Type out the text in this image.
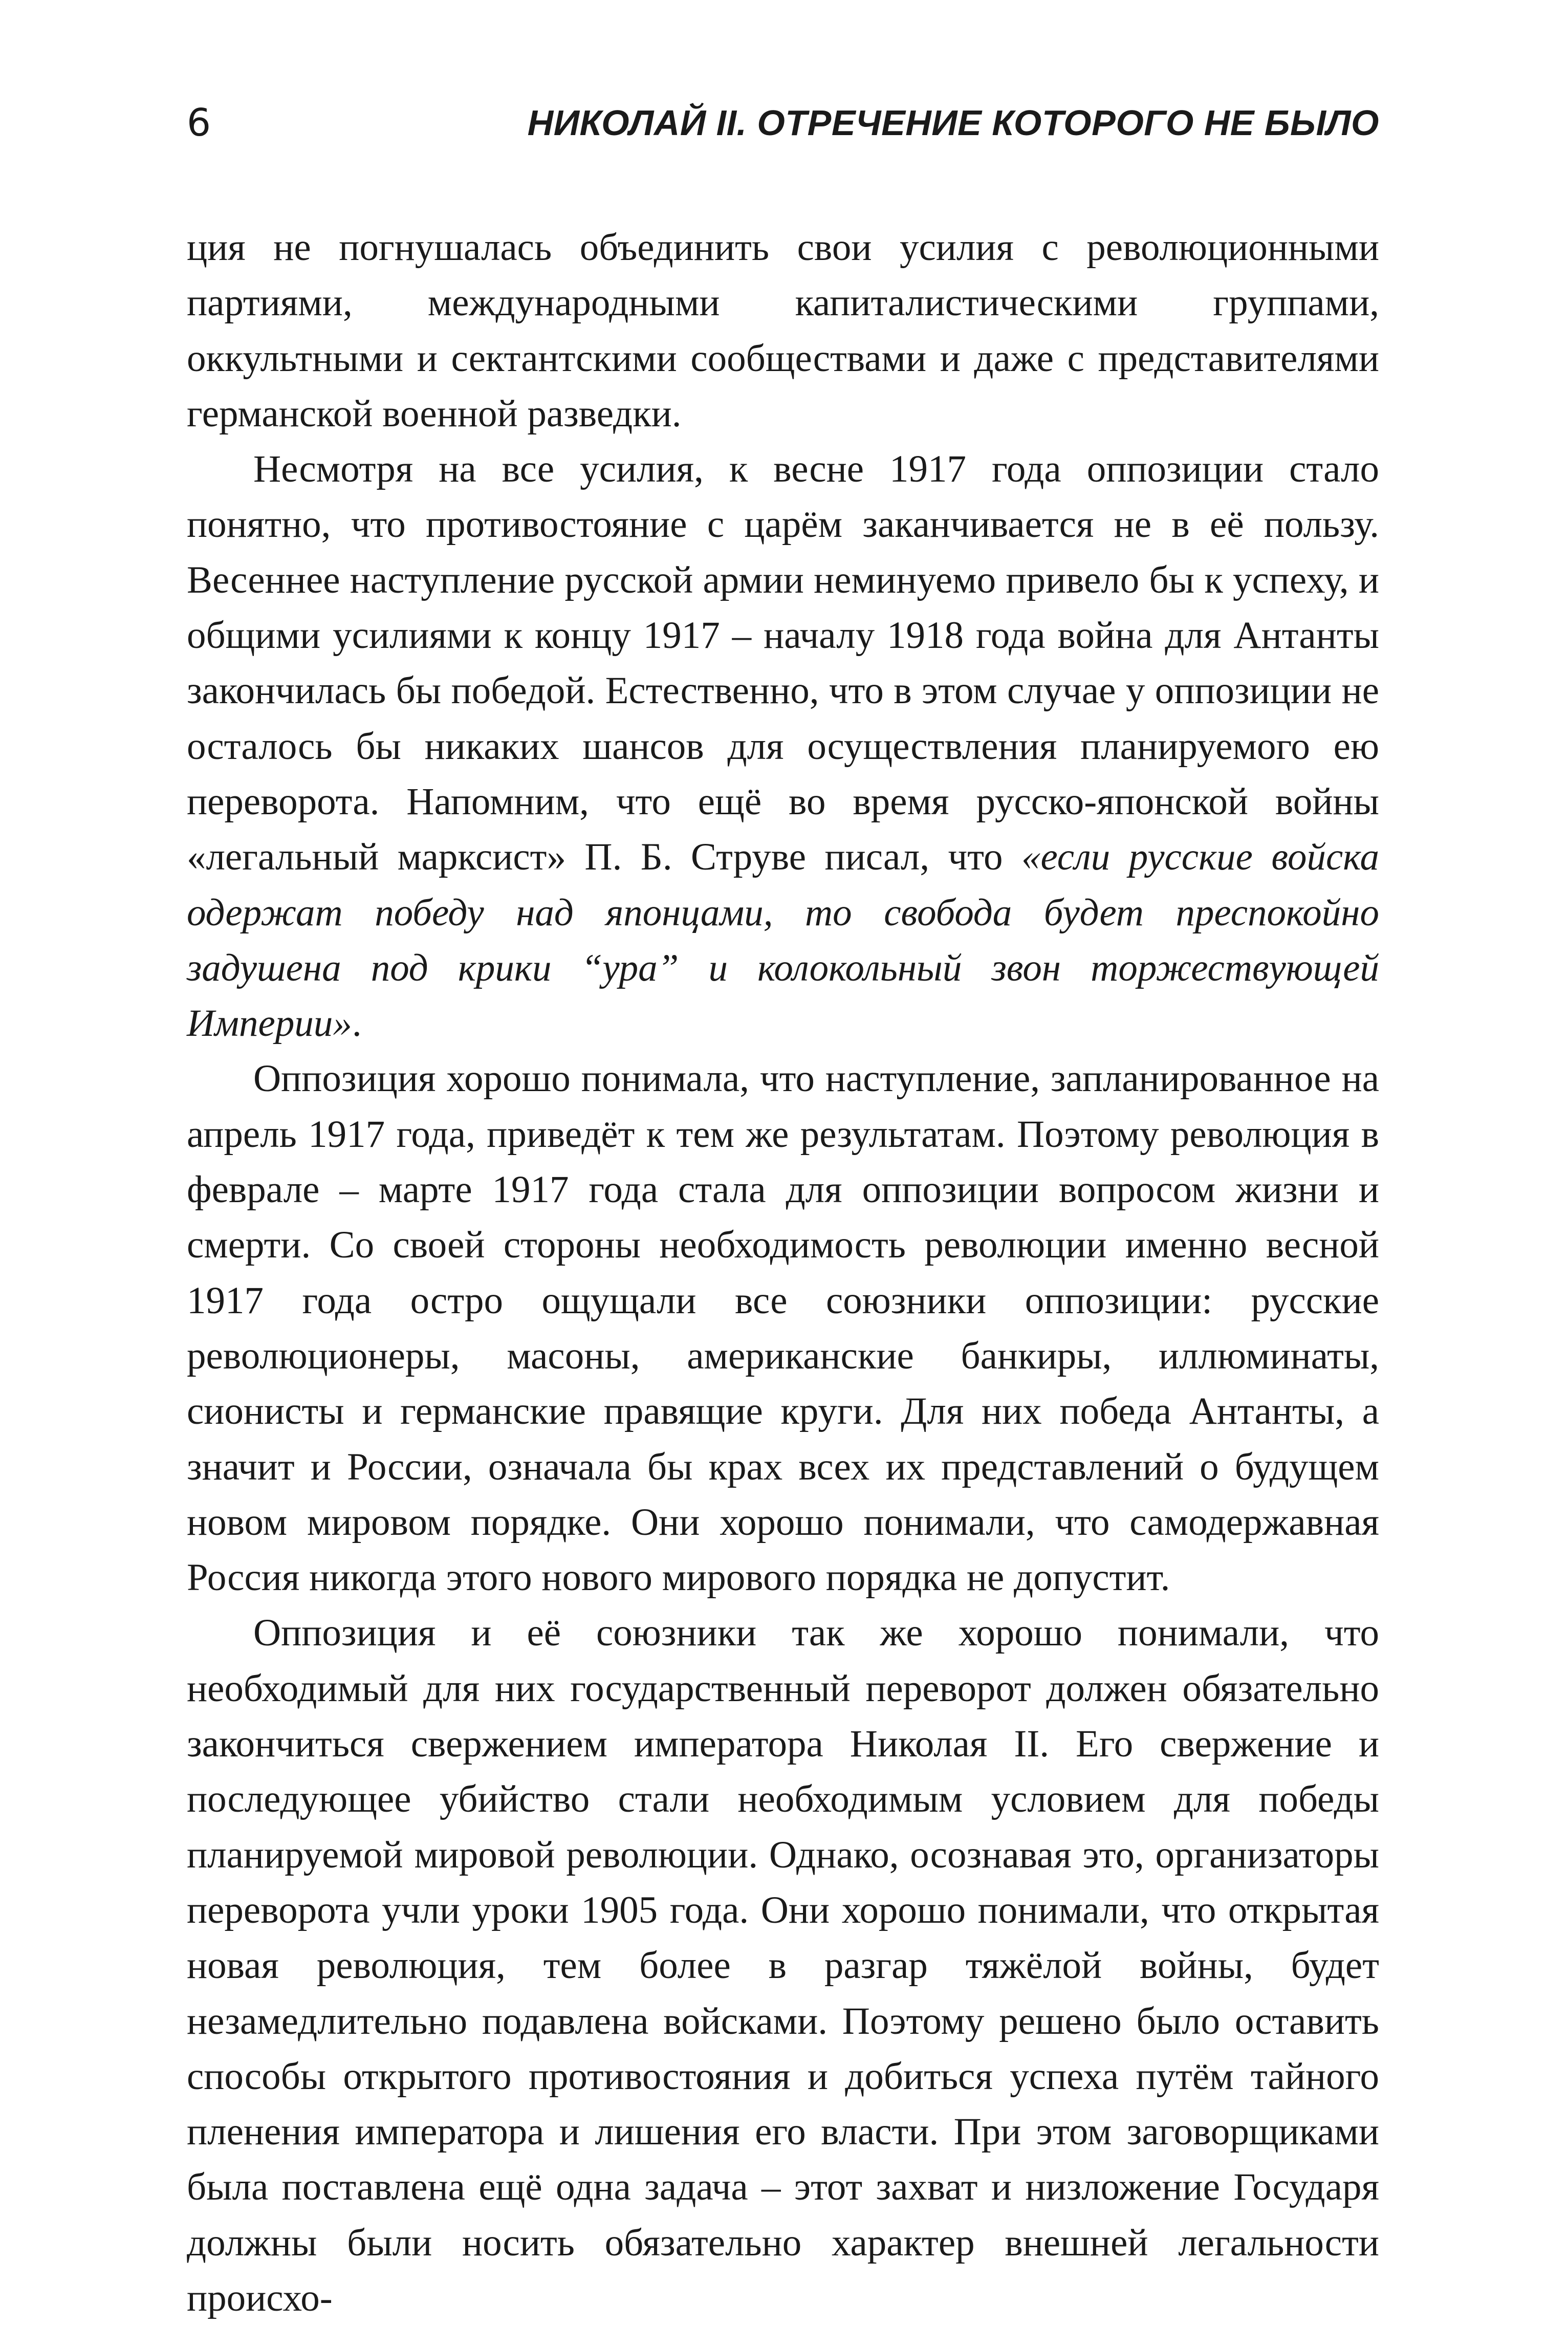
6	НИКОЛАЙ II. ОТРЕЧЕНИЕ КОТОРОГО НЕ БЫЛО

ция не погнушалась объединить свои усилия с революционными партиями, международными капиталистическими группами, оккультными и сектантскими сообществами и даже с представителями германской военной разведки.

Несмотря на все усилия, к весне 1917 года оппозиции стало понятно, что противостояние с царём заканчивается не в её пользу. Весеннее наступление русской армии неминуемо привело бы к успеху, и общими усилиями к концу 1917 – началу 1918 года война для Антанты закончилась бы победой. Естественно, что в этом случае у оппозиции не осталось бы никаких шансов для осуществления планируемого ею переворота. Напомним, что ещё во время русско-японской войны «легальный марксист» П. Б. Струве писал, что «если русские войска одержат победу над японцами, то свобода будет преспокойно задушена под крики “ура” и колокольный звон торжествующей Империи».

Оппозиция хорошо понимала, что наступление, запланированное на апрель 1917 года, приведёт к тем же результатам. Поэтому революция в феврале – марте 1917 года стала для оппозиции вопросом жизни и смерти. Со своей стороны необходимость революции именно весной 1917 года остро ощущали все союзники оппозиции: русские революционеры, масоны, американские банкиры, иллюминаты, сионисты и германские правящие круги. Для них победа Антанты, а значит и России, означала бы крах всех их представлений о будущем новом мировом порядке. Они хорошо понимали, что самодержавная Россия никогда этого нового мирового порядка не допустит.

Оппозиция и её союзники так же хорошо понимали, что необходимый для них государственный переворот должен обязательно закончиться свержением императора Николая II. Его свержение и последующее убийство стали необходимым условием для победы планируемой мировой революции. Однако, осознавая это, организаторы переворота учли уроки 1905 года. Они хорошо понимали, что открытая новая революция, тем более в разгар тяжёлой войны, будет незамедлительно подавлена войсками. Поэтому решено было оставить способы открытого противостояния и добиться успеха путём тайного пленения императора и лишения его власти. При этом заговорщиками была поставлена ещё одна задача – этот захват и низложение Государя должны были носить обязательно характер внешней легальности происхо-
